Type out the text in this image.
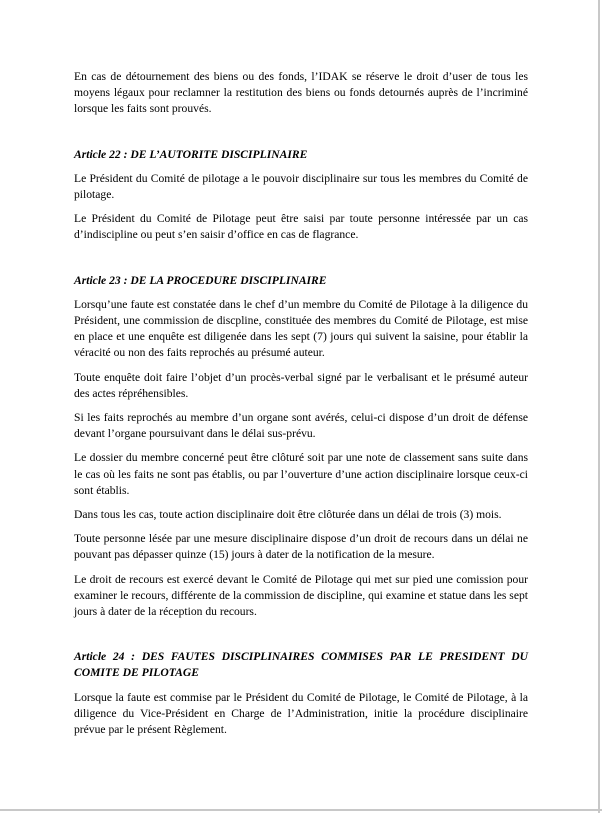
En cas de détournement des biens ou des fonds, l’IDAK se réserve le droit d’user de tous les moyens légaux pour reclamner la restitution des biens ou fonds detournés auprès de l’incriminé lorsque les faits sont prouvés.

Article 22 : DE L’AUTORITE DISCIPLINAIRE

Le Président du Comité de pilotage a le pouvoir disciplinaire sur tous les membres du Comité de pilotage.

Le Président du Comité de Pilotage peut être saisi par toute personne intéressée par un cas d’indiscipline ou peut s’en saisir d’office en cas de flagrance.

Article 23 : DE LA PROCEDURE DISCIPLINAIRE

Lorsqu’une faute est constatée dans le chef d’un membre du Comité de Pilotage à la diligence du Président, une commission de discpline, constituée des membres du Comité de Pilotage, est mise en place et une enquête est diligenée dans les sept (7) jours qui suivent la saisine, pour établir la véracité ou non des faits reprochés au présumé auteur.

Toute enquête doit faire l’objet d’un procès-verbal signé par le verbalisant et le présumé auteur des actes répréhensibles.

Si les faits reprochés au membre d’un organe sont avérés, celui-ci dispose d’un droit de défense devant l’organe poursuivant dans le délai sus-prévu.

Le dossier du membre concerné peut être clôturé soit par une note de classement sans suite dans le cas où les faits ne sont pas établis, ou par l’ouverture d’une action disciplinaire lorsque ceux-ci sont établis.

Dans tous les cas, toute action disciplinaire doit être clôturée dans un délai de trois (3) mois.

Toute personne lésée par une mesure disciplinaire dispose d’un droit de recours dans un délai ne pouvant pas dépasser quinze (15) jours à dater de la notification de la mesure.

Le droit de recours est exercé devant le Comité de Pilotage qui met sur pied une comission pour examiner le recours, différente de la commission de discipline, qui examine et statue dans les sept jours à dater de la réception du recours.

Article 24 : DES FAUTES DISCIPLINAIRES COMMISES PAR LE PRESIDENT DU COMITE DE PILOTAGE

Lorsque la faute est commise par le Président du Comité de Pilotage, le Comité de Pilotage, à la diligence du Vice-Président en Charge de l’Administration, initie la procédure disciplinaire prévue par le présent Règlement.
